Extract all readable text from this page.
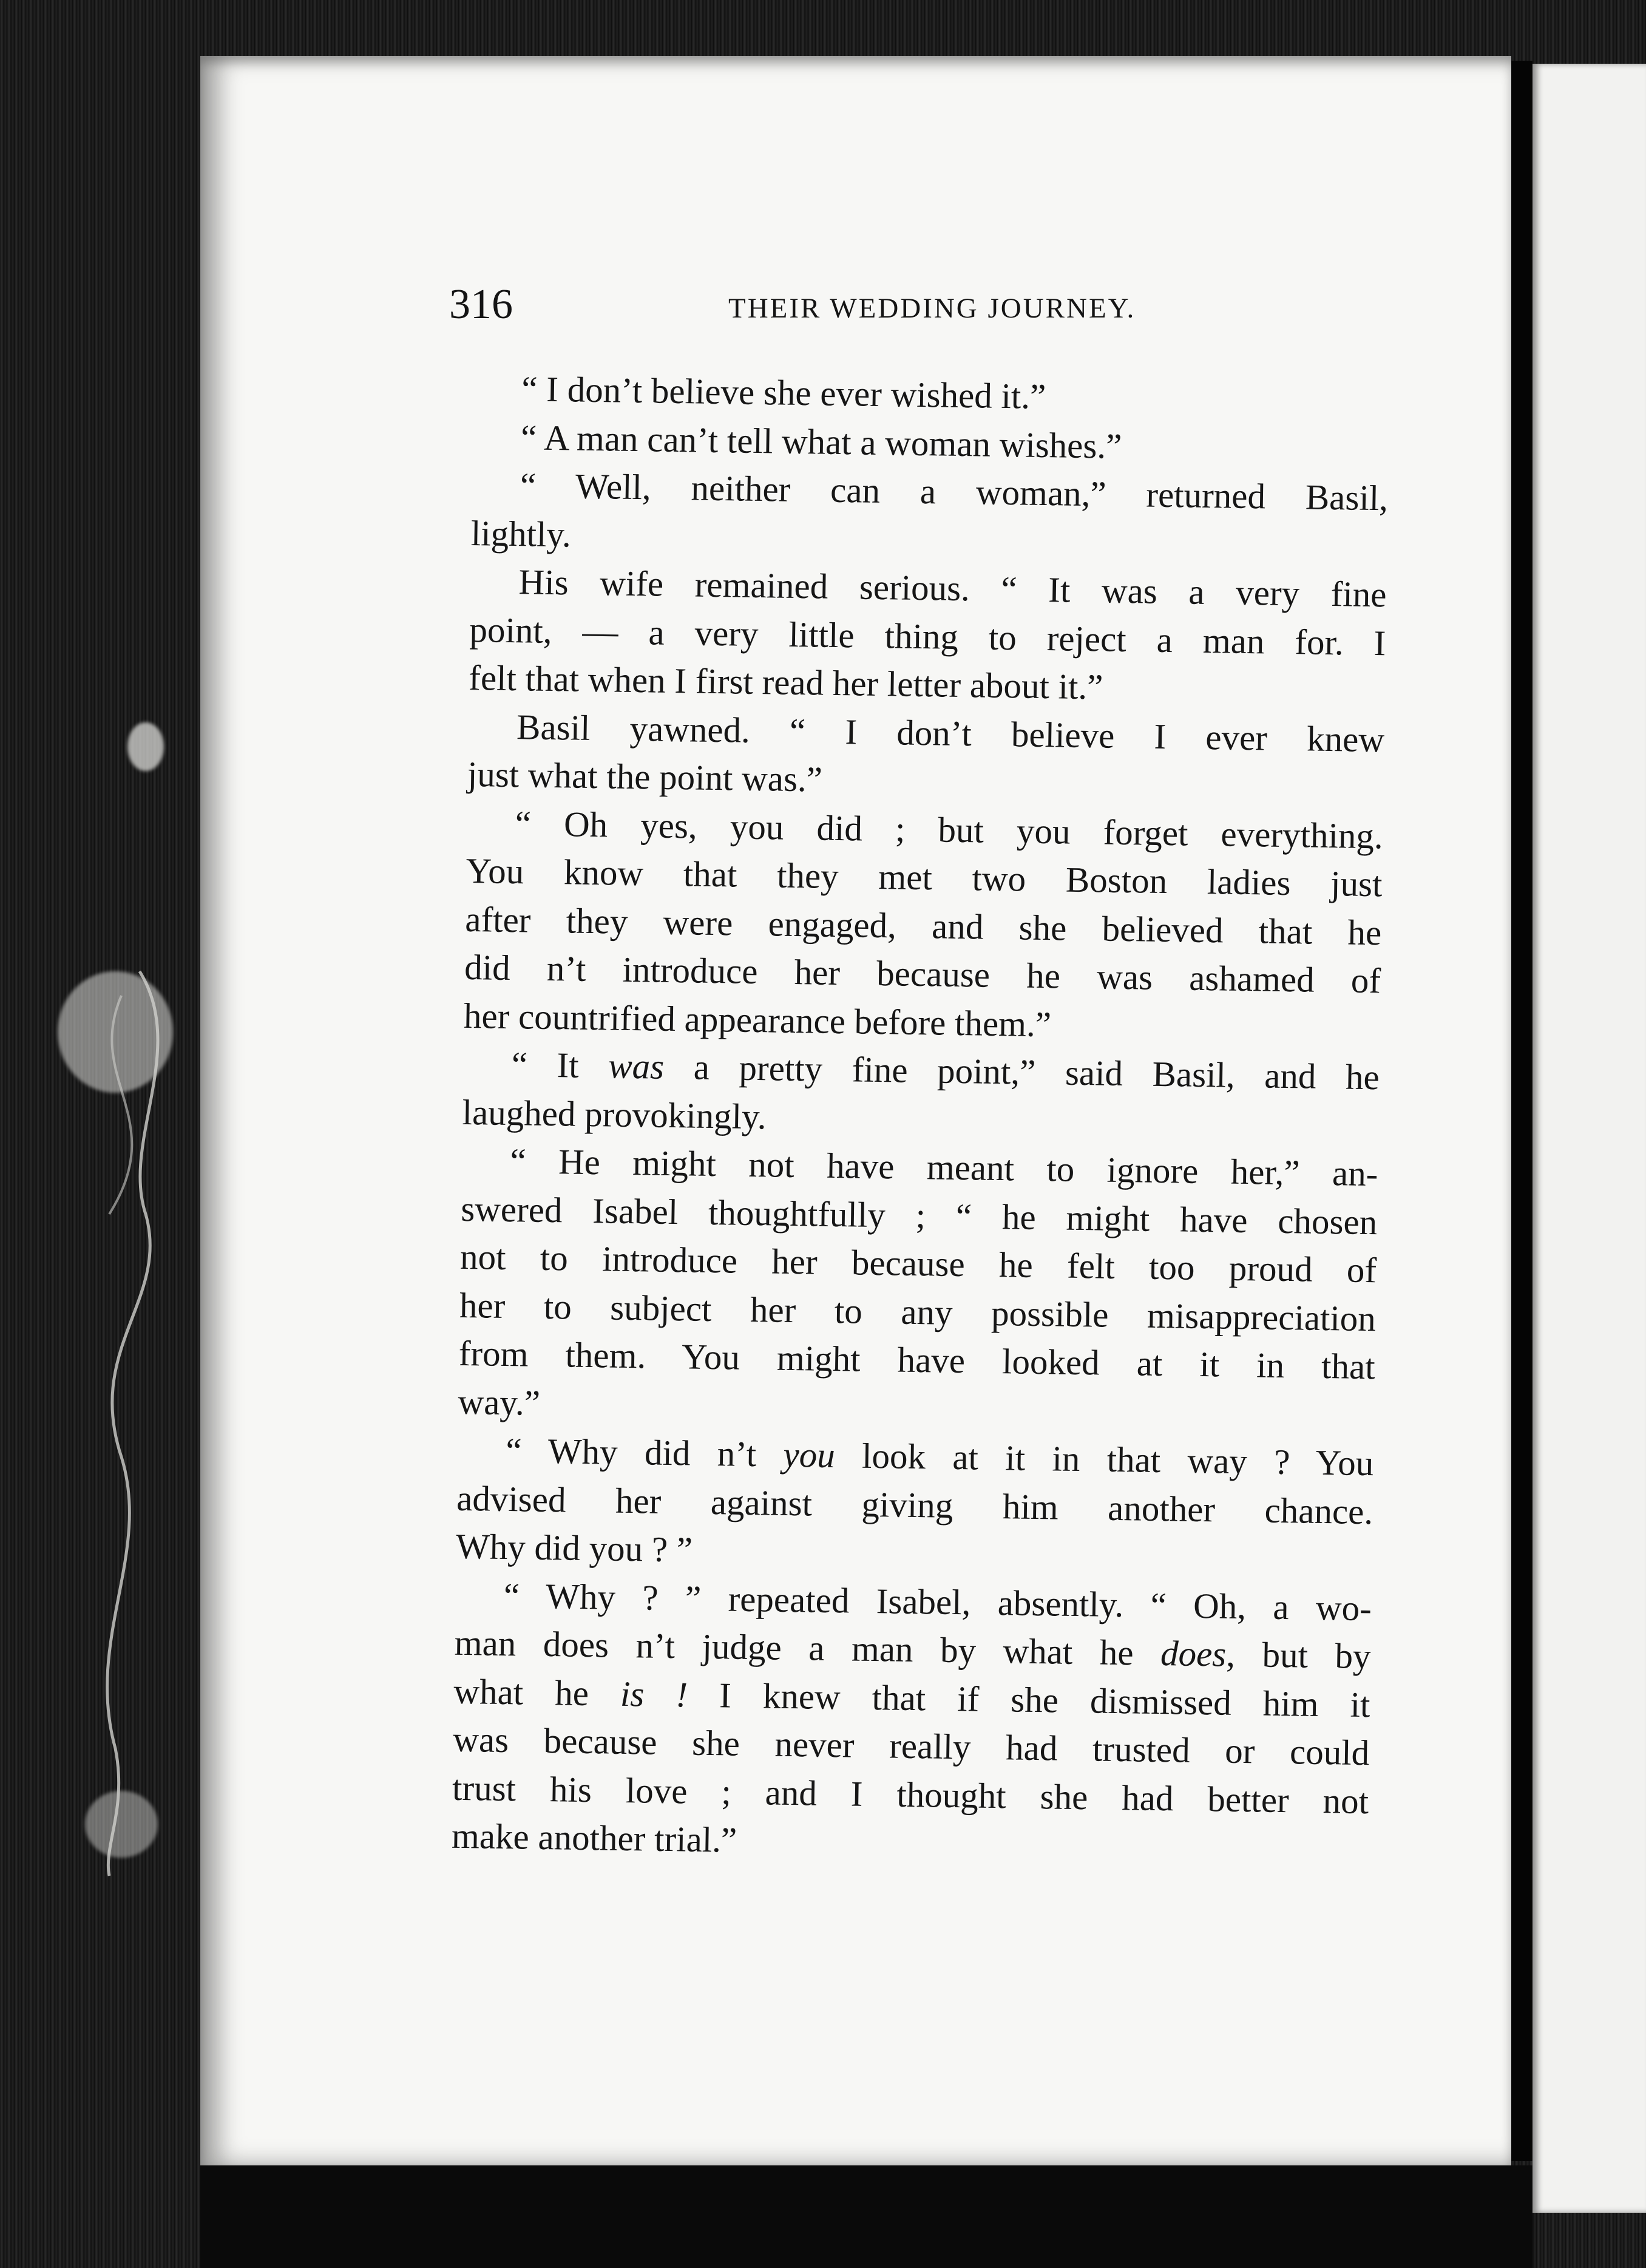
316	THEIR WEDDING JOURNEY.
“ I don’t believe she ever wished it.”
“ A man can’t tell what a woman wishes.”
“ Well, neither can a woman,” returned Basil,
lightly.
His wife remained serious. “ It was a very fine
point, — a very little thing to reject a man for. I
felt that when I first read her letter about it.”
Basil yawned. “ I don’t believe I ever knew
just what the point was.”
“ Oh yes, you did ; but you forget everything.
You know that they met two Boston ladies just
after they were engaged, and she believed that he
did n’t introduce her because he was ashamed of
her countrified appearance before them.”
“ It was a pretty fine point,” said Basil, and he
laughed provokingly.
“ He might not have meant to ignore her,” an-
swered Isabel thoughtfully ; “ he might have chosen
not to introduce her because he felt too proud of
her to subject her to any possible misappreciation
from them. You might have looked at it in that
way.”
“ Why did n’t you look at it in that way ? You
advised her against giving him another chance.
Why did you ? ”
“ Why ? ” repeated Isabel, absently. “ Oh, a wo-
man does n’t judge a man by what he does, but by
what he is ! I knew that if she dismissed him it
was because she never really had trusted or could
trust his love ; and I thought she had better not
make another trial.”
